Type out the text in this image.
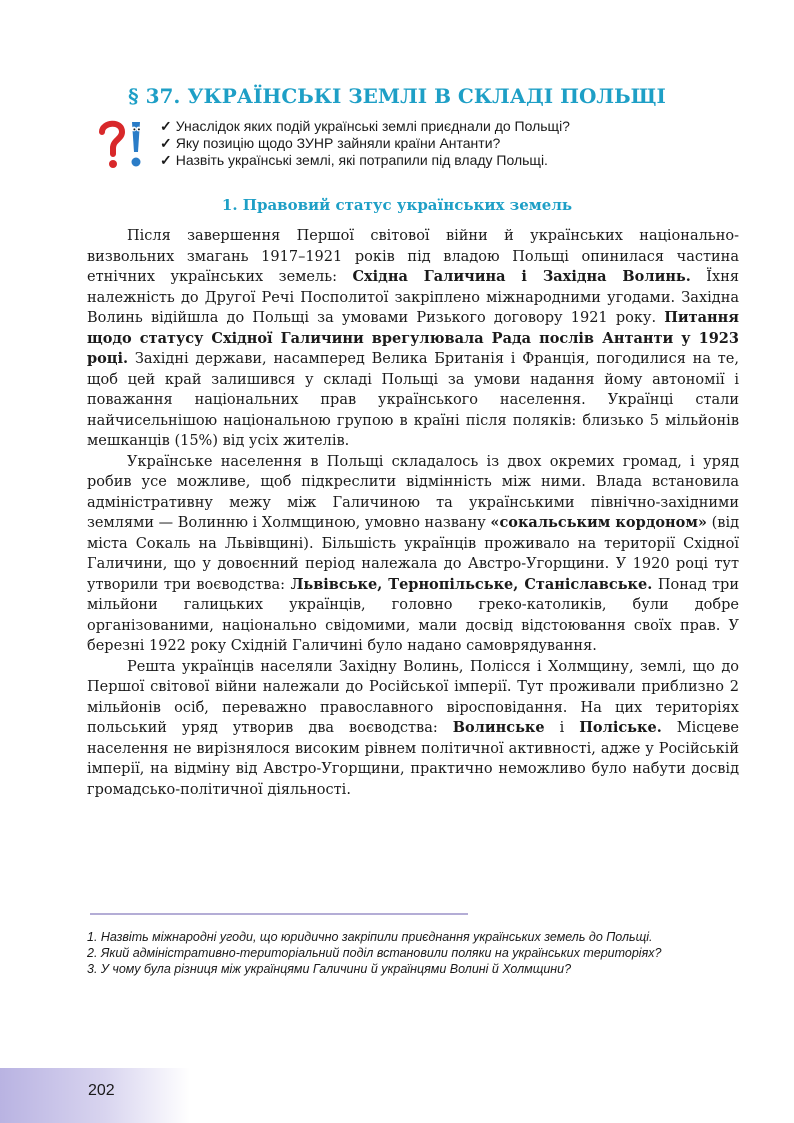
§ 37. УКРАЇНСЬКІ ЗЕМЛІ В СКЛАДІ ПОЛЬЩІ
✓ Унаслідок яких подій українські землі приєднали до Польщі?
✓ Яку позицію щодо ЗУНР зайняли країни Антанти?
✓ Назвіть українські землі, які потрапили під владу Польщі.
1. Правовий статус українських земель

Після завершення Першої світової війни й українських національно-визвольних змагань 1917–1921 років під владою Польщі опинилася частина етнічних українських земель: Східна Галичина і Західна Волинь. Їхня належність до Другої Речі Посполитої закріплено міжнародними угодами. Західна Волинь відійшла до Польщі за умовами Ризького договору 1921 року. Питання щодо статусу Східної Галичини врегулювала Рада послів Антанти у 1923 році. Західні держави, насамперед Велика Британія і Франція, погодилися на те, щоб цей край залишився у складі Польщі за умови надання йому автономії і поважання національних прав українського населення. Українці стали найчисельнішою національною групою в країні після поляків: близько 5 мільйонів мешканців (15%) від усіх жителів.

Українське населення в Польщі складалось із двох окремих громад, і уряд робив усе можливе, щоб підкреслити відмінність між ними. Влада встановила адміністративну межу між Галичиною та українськими північно-західними землями — Волинню і Холмщиною, умовно названу «сокальським кордоном» (від міста Сокаль на Львівщині). Більшість українців проживало на території Східної Галичини, що у довоєнний період належала до Австро-Угорщини. У 1920 році тут утворили три воєводства: Львівське, Тернопільське, Станіславське. Понад три мільйони галицьких українців, головно греко-католиків, були добре організованими, національно свідомими, мали досвід відстоювання своїх прав. У березні 1922 року Східній Галичині було надано самоврядування.

Решта українців населяли Західну Волинь, Полісся і Холмщину, землі, що до Першої світової війни належали до Російської імперії. Тут проживали приблизно 2 мільйонів осіб, переважно православного віросповідання. На цих територіях польський уряд утворив два воєводства: Волинське і Поліське. Місцеве населення не вирізнялося високим рівнем політичної активності, адже у Російській імперії, на відміну від Австро-Угорщини, практично неможливо було набути досвід громадсько-політичної діяльності.

1. Назвіть міжнародні угоди, що юридично закріпили приєднання українських земель до Польщі.

2. Який адміністративно-територіальний поділ встановили поляки на українських територіях?

3. У чому була різниця між українцями Галичини й українцями Волині й Холмщини?

202
